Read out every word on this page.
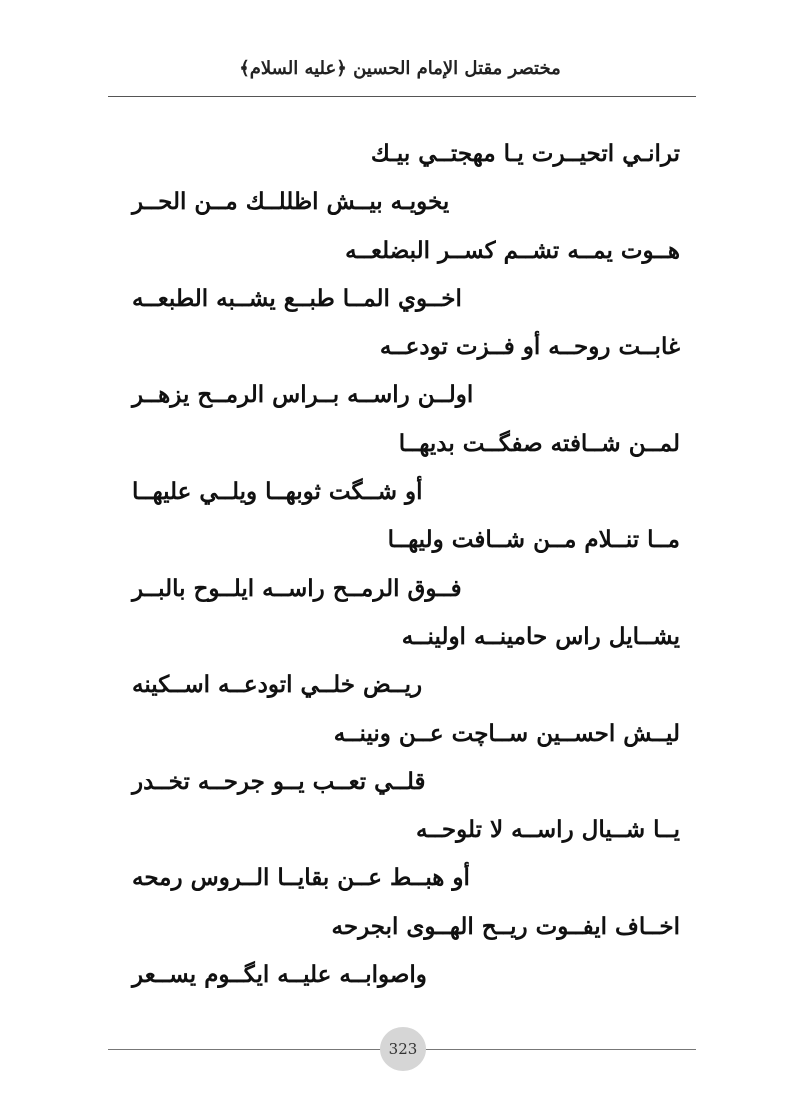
مختصر مقتل الإمام الحسين ﴿عليه السلام﴾
ترانـي اتحيــرت يـا مهجتــي بيـك
يخويـه بيــش اظللــك مــن الحــر
هــوت يمــه تشــم كســر البضلعــه
اخــوي المــا طبــع يشــبه الطبعــه
غابــت روحــه أو فــزت تودعــه
اولــن راســه بــراس الرمــح يزهــر
لمــن شــافته صفگــت بديهــا
أو شــگت ثوبهــا ويلــي عليهــا
مــا تنــلام مــن شــافت وليهــا
فــوق الرمــح راســه ايلــوح بالبــر
يشــايل راس حامينــه اولينــه
ريــض خلــي اتودعــه اســكينه
ليــش احســين ســاچت عــن ونينــه
قلــي تعــب يــو جرحــه تخــدر
يــا شــيال راســه لا تلوحــه
أو هبــط عــن بقايــا الــروس رمحه
اخــاف ايفــوت ريــح الهــوى ابجرحه
واصوابــه عليــه ايگــوم يســعر
323
